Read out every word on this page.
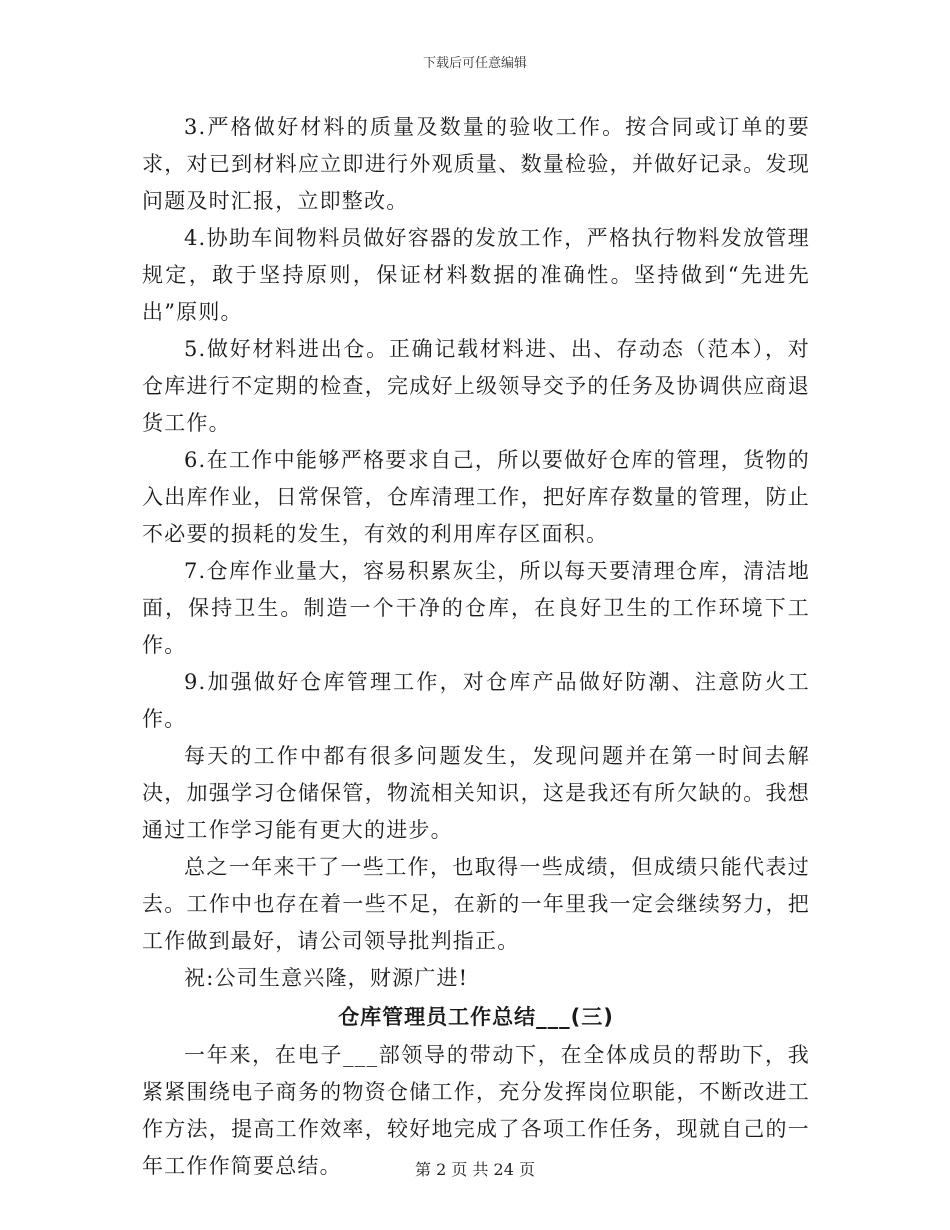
下载后可任意编辑

3.严格做好材料的质量及数量的验收工作。按合同或订单的要求，对已到材料应立即进行外观质量、数量检验，并做好记录。发现问题及时汇报，立即整改。

4.协助车间物料员做好容器的发放工作，严格执行物料发放管理规定，敢于坚持原则，保证材料数据的准确性。坚持做到“先进先出”原则。

5.做好材料进出仓。正确记载材料进、出、存动态（范本），对仓库进行不定期的检查，完成好上级领导交予的任务及协调供应商退货工作。

6.在工作中能够严格要求自己，所以要做好仓库的管理，货物的入出库作业，日常保管，仓库清理工作，把好库存数量的管理，防止不必要的损耗的发生，有效的利用库存区面积。

7.仓库作业量大，容易积累灰尘，所以每天要清理仓库，清洁地面，保持卫生。制造一个干净的仓库，在良好卫生的工作环境下工作。

9.加强做好仓库管理工作，对仓库产品做好防潮、注意防火工作。

每天的工作中都有很多问题发生，发现问题并在第一时间去解决，加强学习仓储保管，物流相关知识，这是我还有所欠缺的。我想通过工作学习能有更大的进步。

总之一年来干了一些工作，也取得一些成绩，但成绩只能代表过去。工作中也存在着一些不足，在新的一年里我一定会继续努力，把工作做到最好，请公司领导批判指正。

祝:公司生意兴隆，财源广进!

仓库管理员工作总结___(三)

一年来，在电子___部领导的带动下，在全体成员的帮助下，我紧紧围绕电子商务的物资仓储工作，充分发挥岗位职能，不断改进工作方法，提高工作效率，较好地完成了各项工作任务，现就自己的一年工作作简要总结。	第 2 页 共 24 页
